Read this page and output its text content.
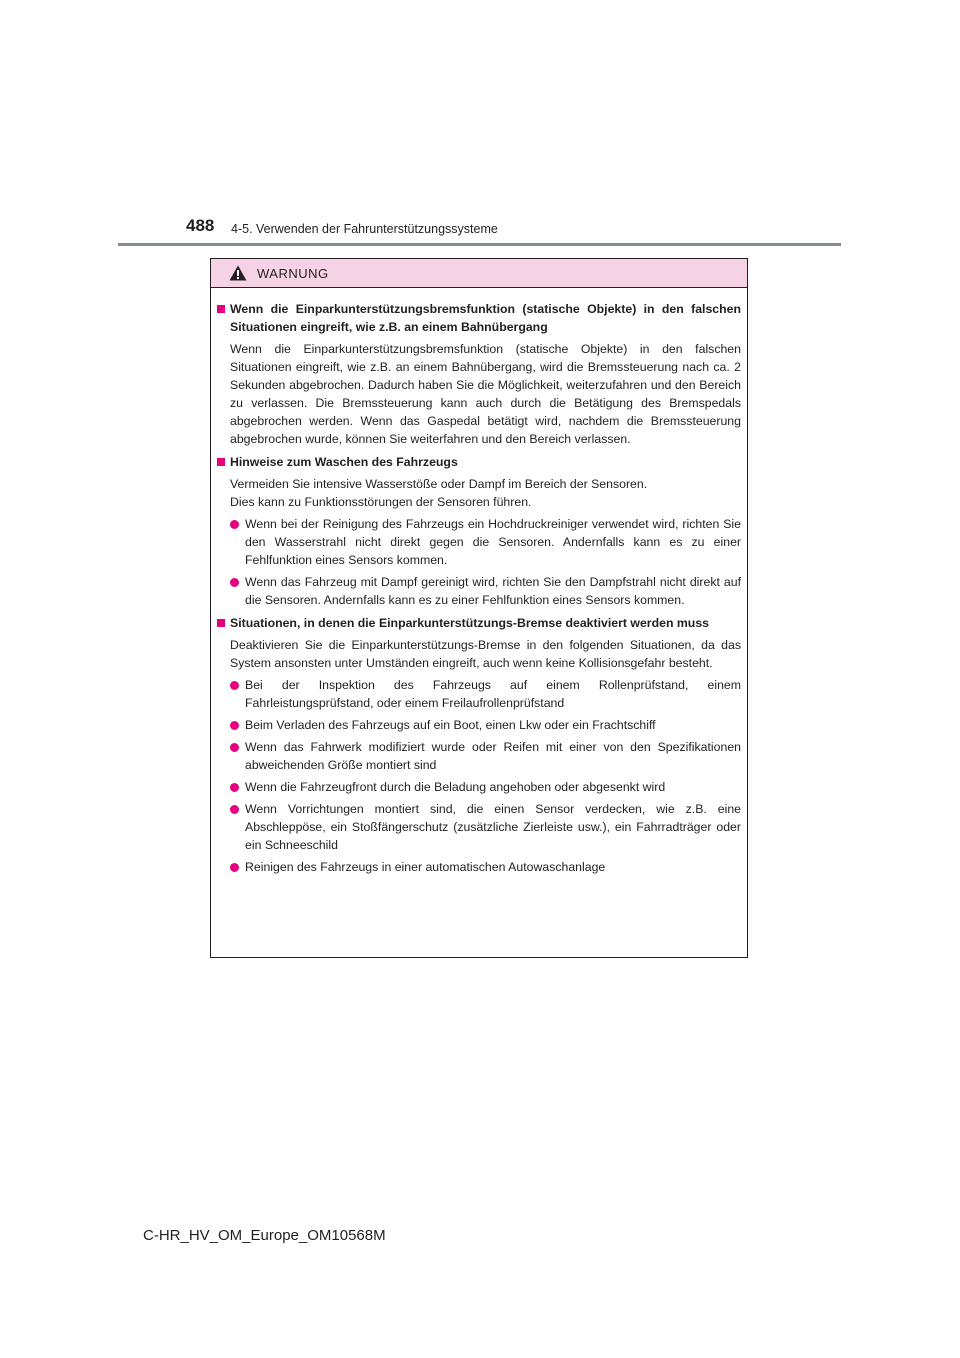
488 4-5. Verwenden der Fahrunterstützungssysteme
WARNUNG
Wenn die Einparkunterstützungsbremsfunktion (statische Objekte) in den falschen Situationen eingreift, wie z.B. an einem Bahnübergang
Wenn die Einparkunterstützungsbremsfunktion (statische Objekte) in den falschen Situationen eingreift, wie z.B. an einem Bahnübergang, wird die Bremssteuerung nach ca. 2 Sekunden abgebrochen. Dadurch haben Sie die Möglichkeit, weiterzufahren und den Bereich zu verlassen. Die Bremssteuerung kann auch durch die Betätigung des Bremspedals abgebrochen werden. Wenn das Gaspedal betätigt wird, nachdem die Bremssteuerung abgebrochen wurde, können Sie weiterfahren und den Bereich verlassen.
Hinweise zum Waschen des Fahrzeugs
Vermeiden Sie intensive Wasserstöße oder Dampf im Bereich der Sensoren.
Dies kann zu Funktionsstörungen der Sensoren führen.
Wenn bei der Reinigung des Fahrzeugs ein Hochdruckreiniger verwendet wird, richten Sie den Wasserstrahl nicht direkt gegen die Sensoren. Andernfalls kann es zu einer Fehlfunktion eines Sensors kommen.
Wenn das Fahrzeug mit Dampf gereinigt wird, richten Sie den Dampfstrahl nicht direkt auf die Sensoren. Andernfalls kann es zu einer Fehlfunktion eines Sensors kommen.
Situationen, in denen die Einparkunterstützungs-Bremse deaktiviert werden muss
Deaktivieren Sie die Einparkunterstützungs-Bremse in den folgenden Situationen, da das System ansonsten unter Umständen eingreift, auch wenn keine Kollisionsgefahr besteht.
Bei der Inspektion des Fahrzeugs auf einem Rollenprüfstand, einem Fahrleistungsprüfstand, oder einem Freilaufrollenprüfstand
Beim Verladen des Fahrzeugs auf ein Boot, einen Lkw oder ein Frachtschiff
Wenn das Fahrwerk modifiziert wurde oder Reifen mit einer von den Spezifikationen abweichenden Größe montiert sind
Wenn die Fahrzeugfront durch die Beladung angehoben oder abgesenkt wird
Wenn Vorrichtungen montiert sind, die einen Sensor verdecken, wie z.B. eine Abschleppöse, ein Stoßfängerschutz (zusätzliche Zierleiste usw.), ein Fahrradträger oder ein Schneeschild
Reinigen des Fahrzeugs in einer automatischen Autowaschanlage
C-HR_HV_OM_Europe_OM10568M
